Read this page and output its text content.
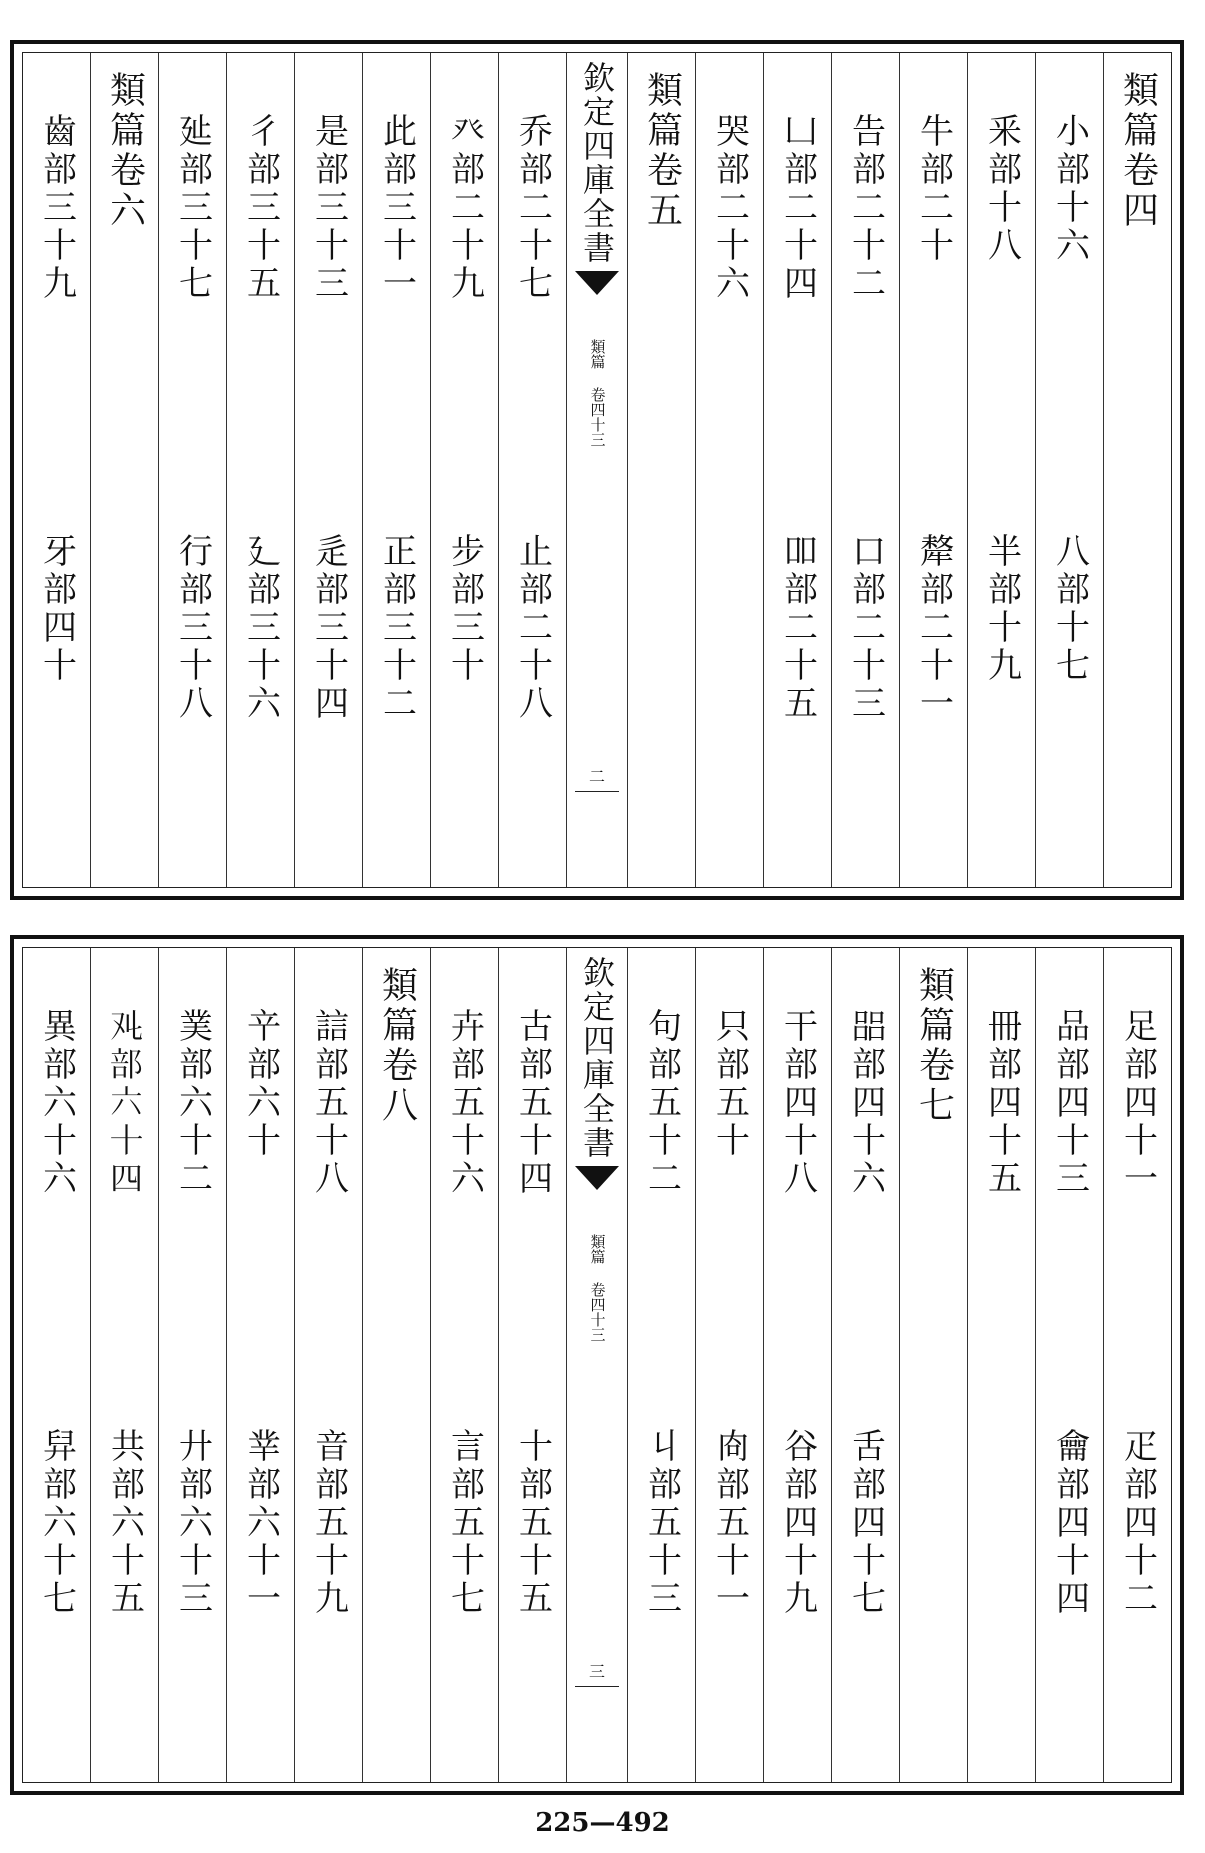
類篇卷四
小部十六
八部十七
釆部十八
半部十九
牛部二十
犛部二十一
告部二十二
口部二十三
凵部二十四
吅部二十五
哭部二十六
類篇卷五
欽定四庫全書
類篇 卷四十三
二
乔部二十七
止部二十八
癶部二十九
步部三十
此部三十一
正部三十二
是部三十三
辵部三十四
彳部三十五
廴部三十六
㢟部三十七
行部三十八
類篇卷六
齒部三十九
牙部四十
足部四十一
疋部四十二
品部四十三
龠部四十四
冊部四十五
類篇卷七
㗊部四十六
舌部四十七
干部四十八
谷部四十九
只部五十
㕯部五十一
句部五十二
丩部五十三
欽定四庫全書
類篇 卷四十三
三
古部五十四
十部五十五
卉部五十六
言部五十七
類篇卷八
誩部五十八
音部五十九
䇂部六十
丵部六十一
菐部六十二
廾部六十三
𠬜部六十四
共部六十五
異部六十六
舁部六十七
225—492
